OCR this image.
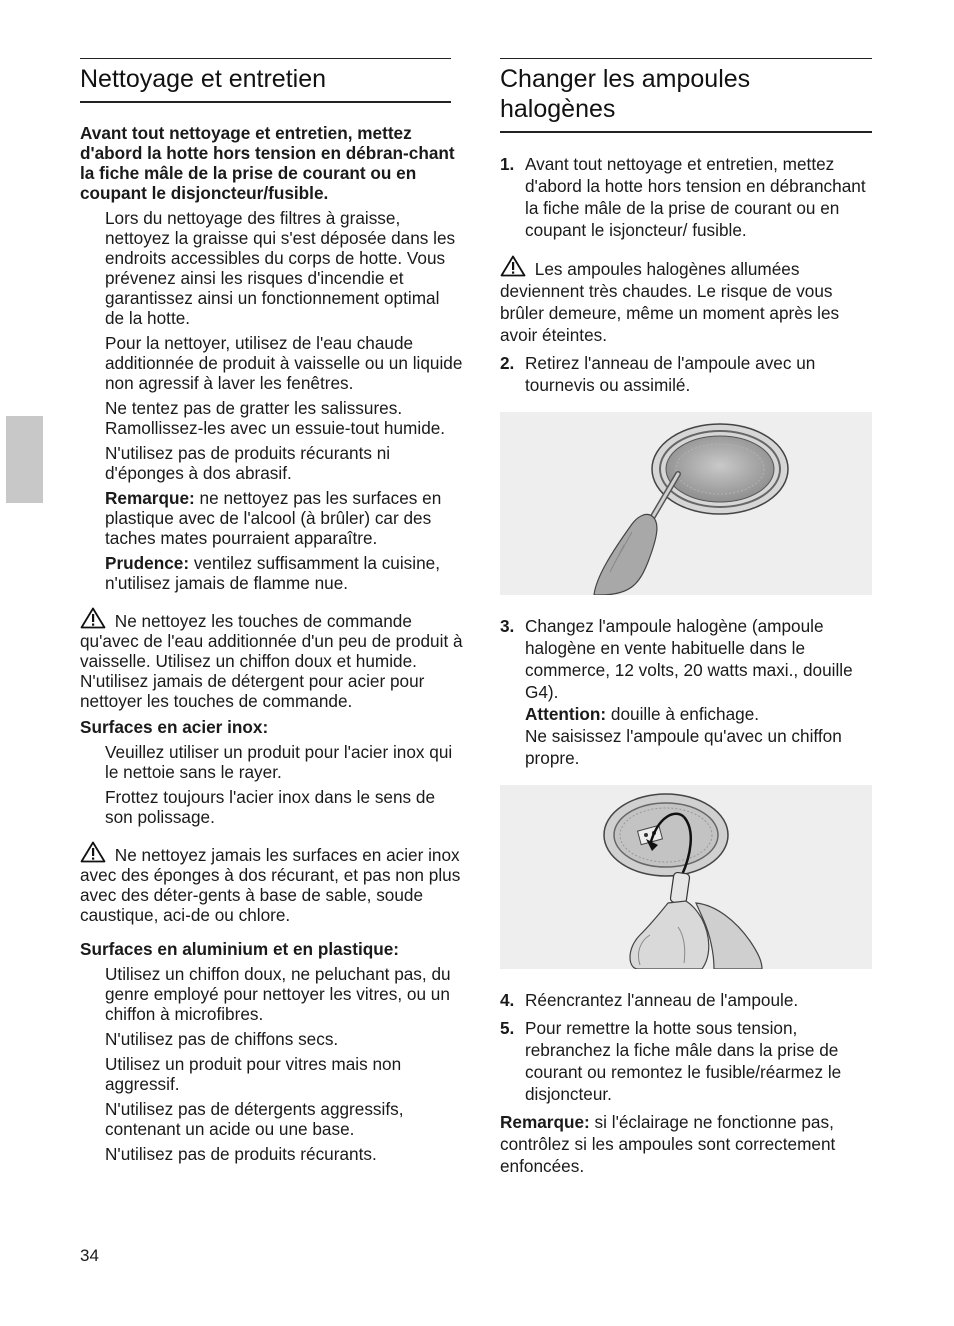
Nettoyage et entretien

Avant tout nettoyage et entretien, mettez d'abord la hotte hors tension en débran-chant la fiche mâle de la prise de courant ou en coupant le disjoncteur/fusible.

Lors du nettoyage des filtres à graisse, nettoyez la graisse qui s'est déposée dans les endroits accessibles du corps de hotte. Vous prévenez ainsi les risques d'incendie et garantissez ainsi un fonctionnement optimal de la hotte.

Pour la nettoyer, utilisez de l'eau chaude additionnée de produit à vaisselle ou un liquide non agressif à laver les fenêtres.

Ne tentez pas de gratter les salissures. Ramollissez-les avec un essuie-tout humide.

N'utilisez pas de produits récurants ni d'éponges à dos abrasif.

Remarque: ne nettoyez pas les surfaces en plastique avec de l'alcool (à brûler) car des taches mates pourraient apparaître.

Prudence: ventilez suffisamment la cuisine, n'utilisez jamais de flamme nue.

Ne nettoyez les touches de commande qu'avec de l'eau additionnée d'un peu de produit à vaisselle. Utilisez un chiffon doux et humide.

N'utilisez jamais de détergent pour acier pour nettoyer les touches de commande.

Surfaces en acier inox:

Veuillez utiliser un produit pour l'acier inox qui le nettoie sans le rayer.

Frottez toujours l'acier inox dans le sens de son polissage.

Ne nettoyez jamais les surfaces en acier inox avec des éponges à dos récurant, et pas non plus avec des déter-gents à base de sable, soude caustique, aci-de ou chlore.

Surfaces en aluminium et en plastique:

Utilisez un chiffon doux, ne peluchant pas, du genre employé pour nettoyer les vitres, ou un chiffon à microfibres.

N'utilisez pas de chiffons secs.

Utilisez un produit pour vitres mais non aggressif.

N'utilisez pas de détergents aggressifs, contenant un acide ou une base.

N'utilisez pas de produits récurants.

Changer les ampoules halogènes
1. Avant tout nettoyage et entretien, mettez d'abord la hotte hors tension en débranchant la fiche mâle de la prise de courant ou en coupant le isjoncteur/ fusible.

Les ampoules halogènes allumées deviennent très chaudes. Le risque de vous brûler demeure, même un moment après les avoir éteintes.

2. Retirez l'anneau de l'ampoule avec un tournevis ou assimilé.
3. Changez l'ampoule halogène (ampoule halogène en vente habituelle dans le commerce, 12 volts, 20 watts maxi., douille G4).
Attention: douille à enfichage.
Ne saisissez l'ampoule qu'avec un chiffon propre.
4. Réencrantez l'anneau de l'ampoule.
5. Pour remettre la hotte sous tension, rebranchez la fiche mâle dans la prise de courant ou remontez le fusible/réarmez le disjoncteur.

Remarque: si l'éclairage ne fonctionne pas, contrôlez si les ampoules sont correctement enfoncées.

34
